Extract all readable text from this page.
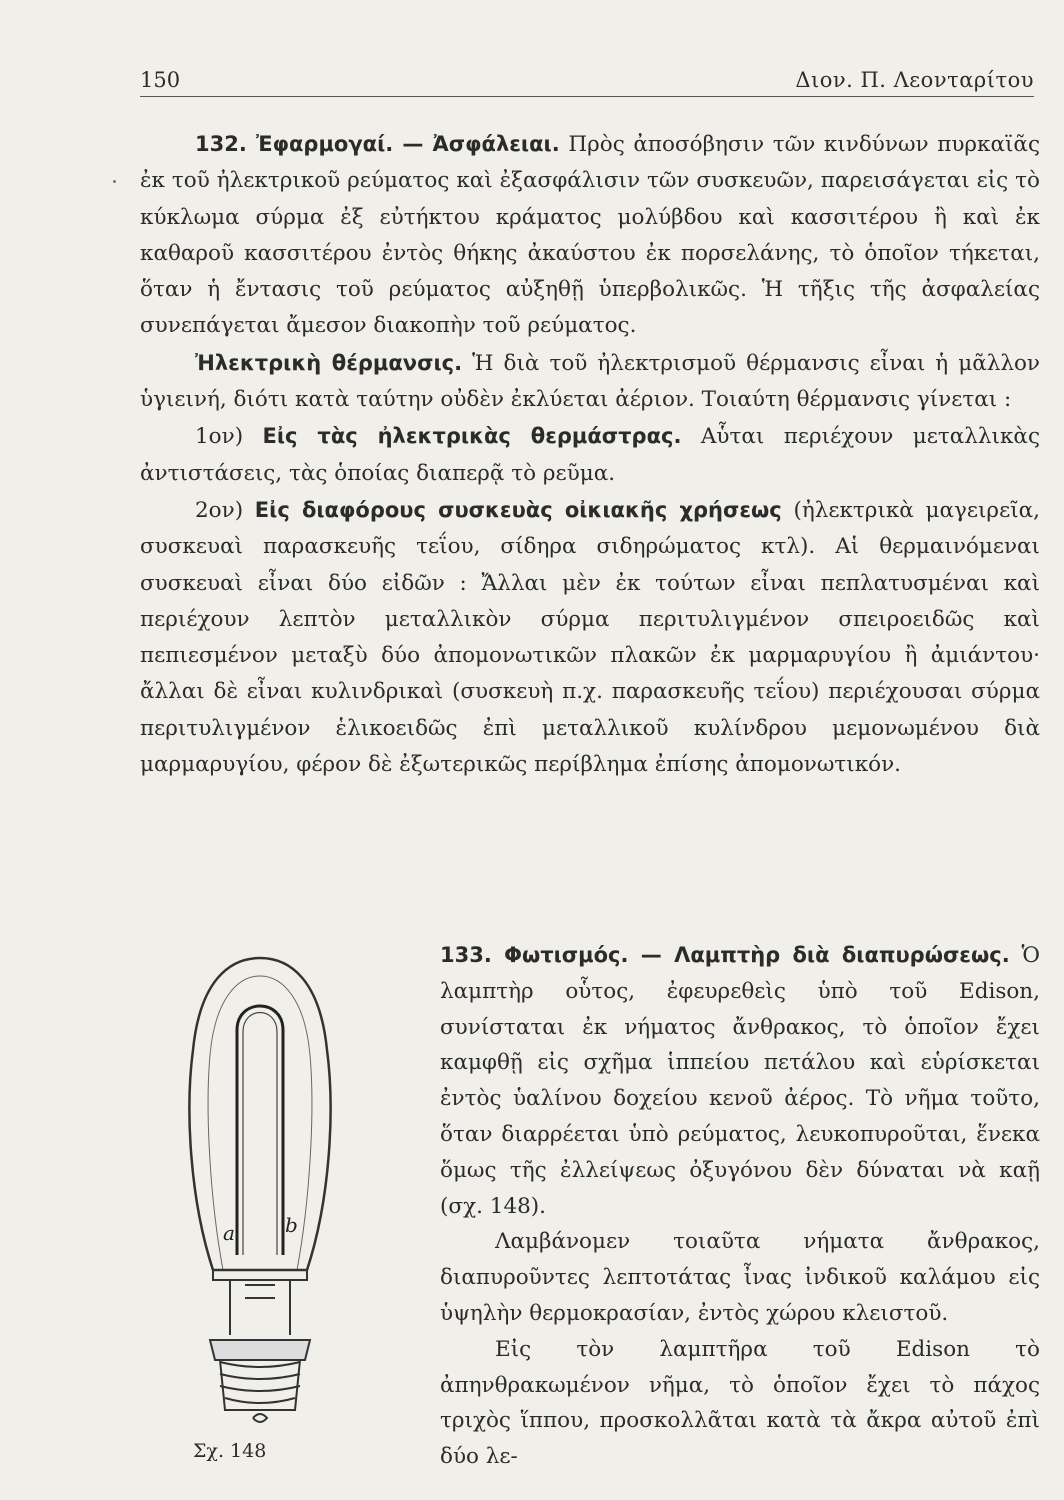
150	Διον. Π. Λεονταρίτου

132. Ἐφαρμογαί. — Ἀσφάλειαι. Πρὸς ἀποσόβησιν τῶν κινδύνων πυρκαϊᾶς ἐκ τοῦ ἠλεκτρικοῦ ρεύματος καὶ ἐξασφάλισιν τῶν συσκευῶν, παρεισάγεται εἰς τὸ κύκλωμα σύρμα ἐξ εὐτήκτου κράματος μολύβδου καὶ κασσιτέρου ἢ καὶ ἐκ καθαροῦ κασσιτέρου ἐντὸς θήκης ἀκαύστου ἐκ πορσελάνης, τὸ ὁποῖον τήκεται, ὅταν ἡ ἔντασις τοῦ ρεύματος αὐξηθῇ ὑπερβολικῶς. Ἡ τῆξις τῆς ἀσφαλείας συνεπάγεται ἄμεσον διακοπὴν τοῦ ρεύματος.

Ἠλεκτρικὴ θέρμανσις. Ἡ διὰ τοῦ ἠλεκτρισμοῦ θέρμανσις εἶναι ἡ μᾶλλον ὑγιεινή, διότι κατὰ ταύτην οὐδὲν ἐκλύεται ἀέριον. Τοιαύτη θέρμανσις γίνεται :

1ον) Εἰς τὰς ἠλεκτρικὰς θερμάστρας. Αὗται περιέχουν μεταλλικὰς ἀντιστάσεις, τὰς ὁποίας διαπερᾷ τὸ ρεῦμα.

2ον) Εἰς διαφόρους συσκευὰς οἰκιακῆς χρήσεως (ἠλεκτρικὰ μαγειρεῖα, συσκευαὶ παρασκευῆς τεΐου, σίδηρα σιδηρώματος κτλ). Αἱ θερμαινόμεναι συσκευαὶ εἶναι δύο εἰδῶν : Ἄλλαι μὲν ἐκ τούτων εἶναι πεπλατυσμέναι καὶ περιέχουν λεπτὸν μεταλλικὸν σύρμα περιτυλιγμένον σπειροειδῶς καὶ πεπιεσμένον μεταξὺ δύο ἀπομονωτικῶν πλακῶν ἐκ μαρμαρυγίου ἢ ἀμιάντου· ἄλλαι δὲ εἶναι κυλινδρικαὶ (συσκευὴ π.χ. παρασκευῆς τεΐου) περιέχουσαι σύρμα περιτυλιγμένον ἑλικοειδῶς ἐπὶ μεταλλικοῦ κυλίνδρου μεμονωμένου διὰ μαρμαρυγίου, φέρον δὲ ἐξωτερικῶς περίβλημα ἐπίσης ἀπομονωτικόν.

133. Φωτισμός. — Λαμπτὴρ διὰ διαπυρώσεως. Ὁ λαμπτὴρ οὗτος, ἐφευρεθεὶς ὑπὸ τοῦ Edison, συνίσταται ἐκ νήματος ἄνθρακος, τὸ ὁποῖον ἔχει καμφθῇ εἰς σχῆμα ἱππείου πετάλου καὶ εὑρίσκεται ἐντὸς ὑαλίνου δοχείου κενοῦ ἀέρος. Τὸ νῆμα τοῦτο, ὅταν διαρρέεται ὑπὸ ρεύματος, λευκοπυροῦται, ἕνεκα ὅμως τῆς ἐλλείψεως ὀξυγόνου δὲν δύναται νὰ καῇ (σχ. 148).

Λαμβάνομεν τοιαῦτα νήματα ἄνθρακος, διαπυροῦντες λεπτοτάτας ἶνας ἰνδικοῦ καλάμου εἰς ὑψηλὴν θερμοκρασίαν, ἐντὸς χώρου κλειστοῦ.

Εἰς τὸν λαμπτῆρα τοῦ Edison τὸ ἀπηνθρακωμένον νῆμα, τὸ ὁποῖον ἔχει τὸ πάχος τριχὸς ἵππου, προσκολλᾶται κατὰ τὰ ἄκρα αὐτοῦ ἐπὶ δύο λε-

a	b
Σχ. 148
